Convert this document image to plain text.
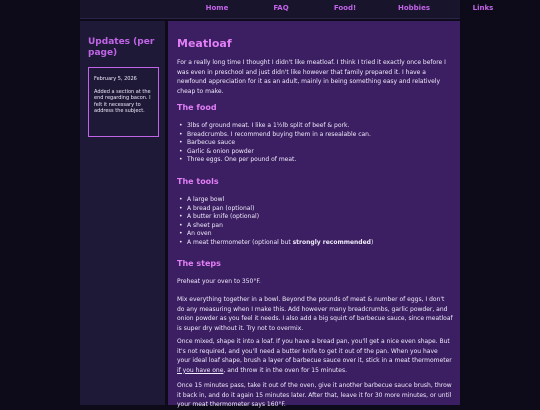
Home	FAQ	Food!	Hobbies	Links
Updates (per page)
February 5, 2026
Added a section at the end regarding bacon. I felt it necessary to address the subject.
Meatloaf

For a really long time I thought I didn't like meatloaf. I think I tried it exactly once before I was even in preschool and just didn't like however that family prepared it. I have a newfound appreciation for it as an adult, mainly in being something easy and relatively cheap to make.

The food
• 3lbs of ground meat. I like a 1½lb split of beef & pork.
• Breadcrumbs. I recommend buying them in a resealable can.
• Barbecue sauce
• Garlic & onion powder
• Three eggs. One per pound of meat.
The tools
• A large bowl
• A bread pan (optional)
• A butter knife (optional)
• A sheet pan
• An oven
• A meat thermometer (optional but strongly recommended)
The steps

Preheat your oven to 350°F.

Mix everything together in a bowl. Beyond the pounds of meat & number of eggs, I don't do any measuring when I make this. Add however many breadcrumbs, garlic powder, and onion powder as you feel it needs. I also add a big squirt of barbecue sauce, since meatloaf is super dry without it. Try not to overmix.

Once mixed, shape it into a loaf. If you have a bread pan, you'll get a nice even shape. But it's not required, and you'll need a butter knife to get it out of the pan. When you have your ideal loaf shape, brush a layer of barbecue sauce over it, stick in a meat thermometer if you have one, and throw it in the oven for 15 minutes.

Once 15 minutes pass, take it out of the oven, give it another barbecue sauce brush, throw it back in, and do it again 15 minutes later. After that, leave it for 30 more minutes, or until your meat thermometer says 160°F.
